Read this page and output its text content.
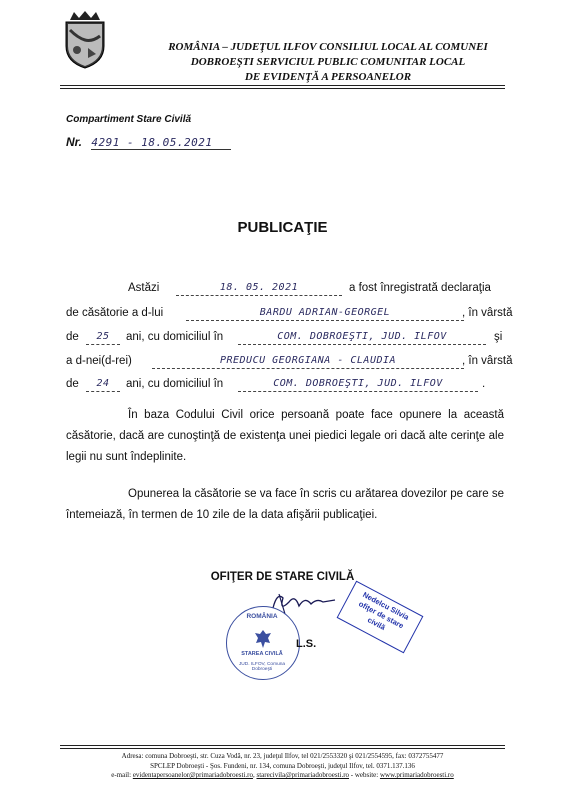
ROMÂNIA – JUDEŢUL ILFOV CONSILIUL LOCAL AL COMUNEI
DOBROEŞTI SERVICIUL PUBLIC COMUNITAR LOCAL
DE EVIDENŢĂ A PERSOANELOR
Compartiment Stare Civilă
Nr. 4291 - 18.05.2021
PUBLICAŢIE
Astăzi	18. 05. 2021	a fost înregistrată declaraţia
de căsătorie a d-lui	BARDU ADRIAN-GEORGEL	, în vârstă
de	25	ani, cu domiciliul în	COM. DOBROEŞTI, JUD. ILFOV	şi
a d-nei(d-rei)	PREDUCU GEORGIANA - CLAUDIA	, în vârstă
de	24	ani, cu domiciliul în	COM. DOBROEŞTI, JUD. ILFOV	.
În baza Codului Civil orice persoană poate face opunere la această căsătorie, dacă are cunoştinţă de existenţa unei piedici legale ori dacă alte cerinţe ale legii nu sunt îndeplinite.
Opunerea la căsătorie se va face în scris cu arătarea dovezilor pe care se întemeiază, în termen de 10 zile de la data afişării publicaţiei.
OFIŢER DE STARE CIVILĂ
Nedelcu Silvia ofiţer de stare civilă
ROMÂNIA
STAREA CIVILĂ
JUD. ILFOV, Comuna Dobroeşti
L.S.
Adresa: comuna Dobroeşti, str. Cuza Vodă, nr. 23, judeţul Ilfov, tel 021/2553320 şi 021/2554595, fax: 0372755477
SPCLEP Dobroeşti - Şos. Fundeni, nr. 134, comuna Dobroeşti, judeţul Ilfov, tel. 0371.137.136
e-mail: evidentapersoanelor@primariadobroesti.ro, starecivila@primariadobroesti.ro - website: www.primariadobroesti.ro
